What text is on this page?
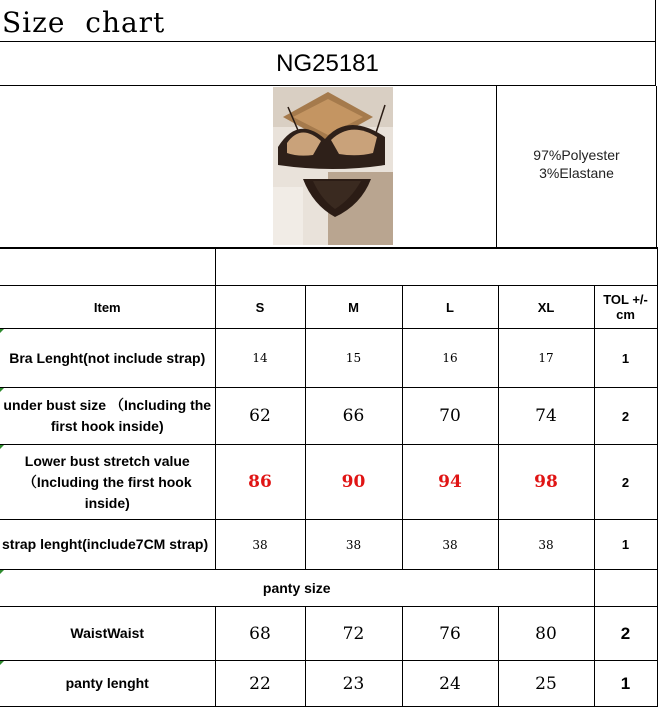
Size  chart
NG25181
97%Polyester
3%Elastane

Item	S	M	L	XL	TOL +/-cm
Bra Lenght(not include strap)	14	15	16	17	1
under bust size （Including the first hook inside)	62	66	70	74	2
Lower bust stretch value （Including the first hook inside)	86	90	94	98	2
strap lenght(include7CM strap)	38	38	38	38	1
panty size					
WaistWaist	68	72	76	80	2
panty lenght	22	23	24	25	1
